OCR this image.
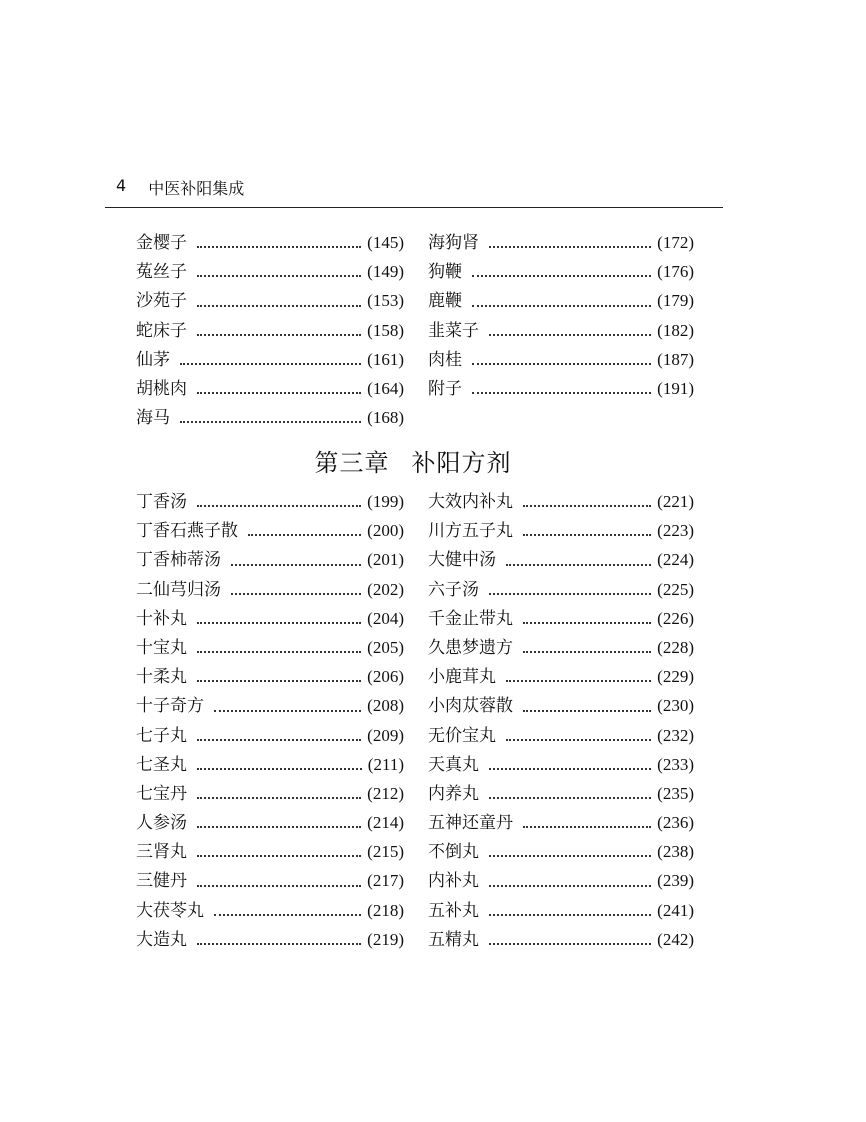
4 中医补阳集成
金樱子	(145)
菟丝子	(149)
沙苑子	(153)
蛇床子	(158)
仙茅	(161)
胡桃肉	(164)
海马	(168)
海狗肾	(172)
狗鞭	(176)
鹿鞭	(179)
韭菜子	(182)
肉桂	(187)
附子	(191)
第三章 补阳方剂
丁香汤	(199)
丁香石燕子散	(200)
丁香柿蒂汤	(201)
二仙芎归汤	(202)
十补丸	(204)
十宝丸	(205)
十柔丸	(206)
十子奇方	(208)
七子丸	(209)
七圣丸	(211)
七宝丹	(212)
人参汤	(214)
三肾丸	(215)
三健丹	(217)
大茯苓丸	(218)
大造丸	(219)
大效内补丸	(221)
川方五子丸	(223)
大健中汤	(224)
六子汤	(225)
千金止带丸	(226)
久患梦遗方	(228)
小鹿茸丸	(229)
小肉苁蓉散	(230)
无价宝丸	(232)
天真丸	(233)
内养丸	(235)
五神还童丹	(236)
不倒丸	(238)
内补丸	(239)
五补丸	(241)
五精丸	(242)
